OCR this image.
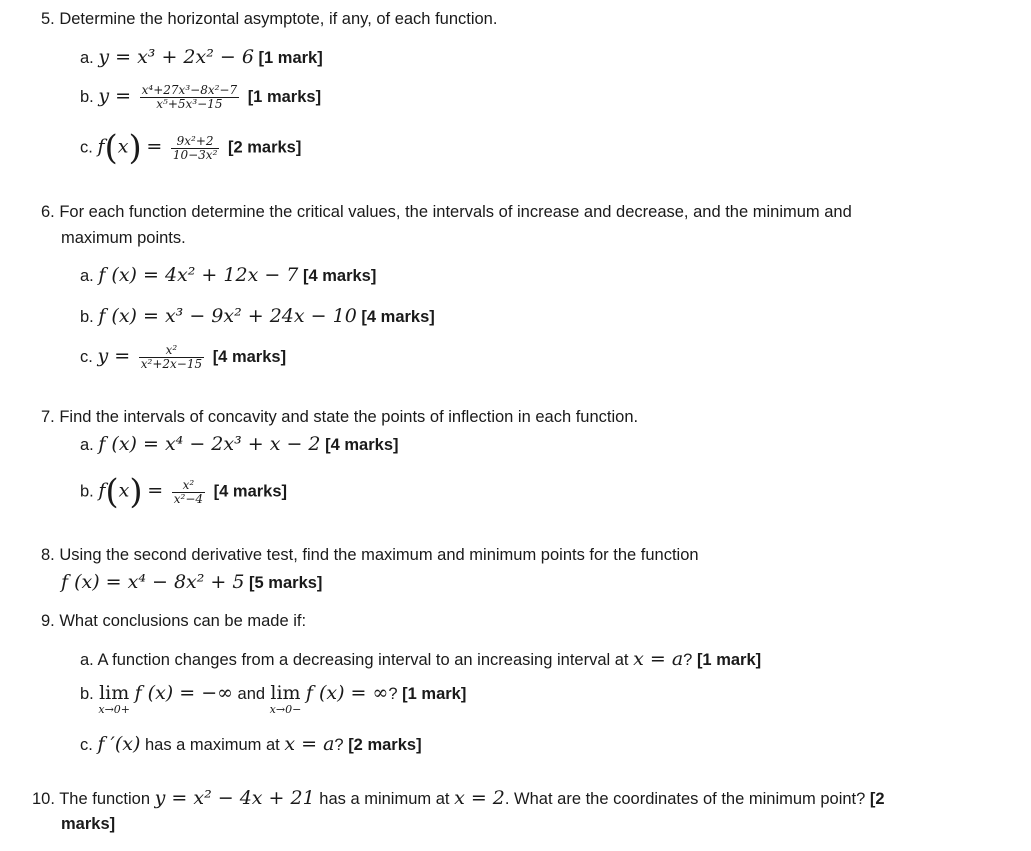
5. Determine the horizontal asymptote, if any, of each function.
a. y = x³ + 2x² − 6 [1 mark]
b. $y = \frac{\text{x⁴+27x³−8x²−7}}{\text{x⁵+5x³−15}} [1$ marks]
c. $f(x) = \frac{\text{9x²+2}}{\text{10−3x²}} [2$ marks]
6. For each function determine the critical values, the intervals of increase and decrease, and the minimum and
maximum points.
a. f (x) = 4x² + 12x − 7 [4 marks]
b. f (x) = x³ − 9x² + 24x − 10 [4 marks]
c. $y = \frac{\text{x²}}{\text{x²+2x−15}} [4$ marks]
7. Find the intervals of concavity and state the points of inflection in each function.
a. f (x) = x⁴ − 2x³ + x − 2 [4 marks]
b. $f(x) = \frac{\text{x²}}{\text{x²−4}} [4$ marks]
8. Using the second derivative test, find the maximum and minimum points for the function
f (x) = x⁴ − 8x² + 5 [5 marks]
9. What conclusions can be made if:
a. A function changes from a decreasing interval to an increasing interval at x = a? [1 mark]
b. lim
x→0+
f (x) = −∞ and lim
x→0−
f (x) = ∞? [1 mark]
c. f ′(x) has a maximum at x = a? [2 marks]
10. The function y = x² − 4x + 21 has a minimum at x = 2. What are the coordinates of the minimum point? [2
marks]
